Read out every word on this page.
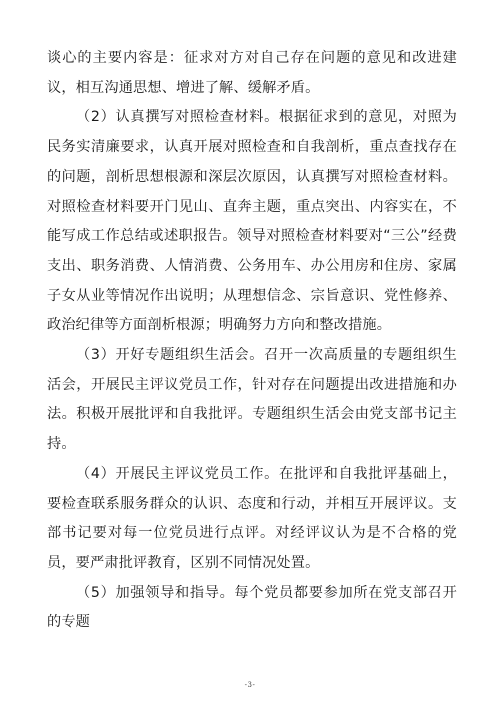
谈心的主要内容是：征求对方对自己存在问题的意见和改进建议，相互沟通思想、增进了解、缓解矛盾。

（2）认真撰写对照检查材料。根据征求到的意见，对照为民务实清廉要求，认真开展对照检查和自我剖析，重点查找存在的问题，剖析思想根源和深层次原因，认真撰写对照检查材料。对照检查材料要开门见山、直奔主题，重点突出、内容实在，不能写成工作总结或述职报告。领导对照检查材料要对“三公”经费支出、职务消费、人情消费、公务用车、办公用房和住房、家属子女从业等情况作出说明；从理想信念、宗旨意识、党性修养、政治纪律等方面剖析根源；明确努力方向和整改措施。

（3）开好专题组织生活会。召开一次高质量的专题组织生活会，开展民主评议党员工作，针对存在问题提出改进措施和办法。积极开展批评和自我批评。专题组织生活会由党支部书记主持。

（4）开展民主评议党员工作。在批评和自我批评基础上，要检查联系服务群众的认识、态度和行动，并相互开展评议。支部书记要对每一位党员进行点评。对经评议认为是不合格的党员，要严肃批评教育，区别不同情况处置。

（5）加强领导和指导。每个党员都要参加所在党支部召开的专题

-3-
